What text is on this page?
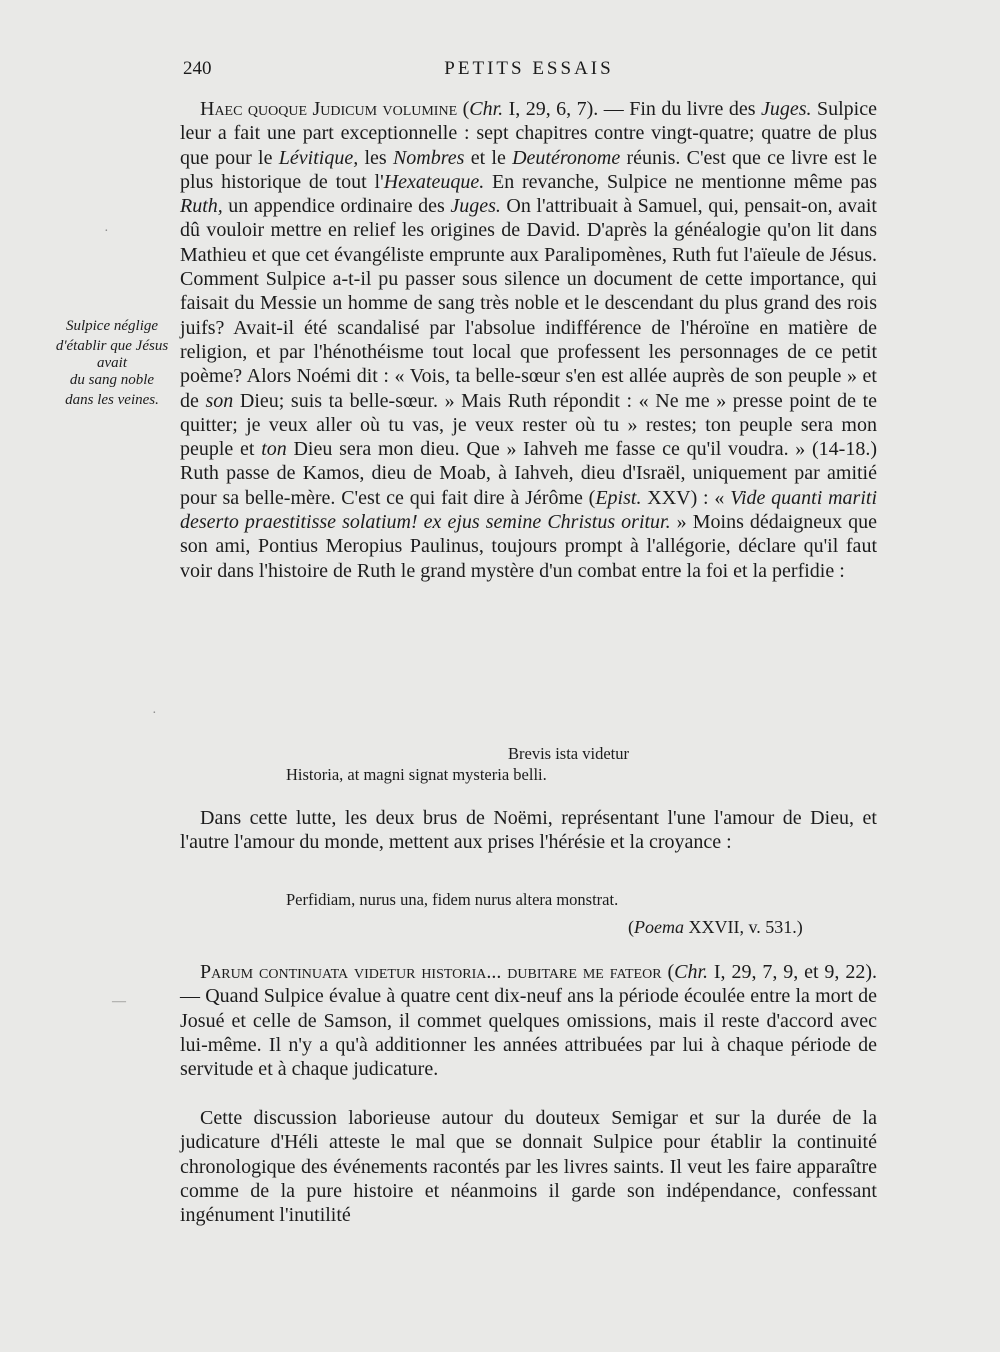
240	PETITS ESSAIS
Sulpice néglige
d'établir que Jésus
avait
du sang noble
dans les veines.
Haec quoque Judicum volumine (Chr. I, 29, 6, 7). — Fin du livre des Juges. Sulpice leur a fait une part exceptionnelle : sept chapitres contre vingt-quatre; quatre de plus que pour le Lévitique, les Nombres et le Deutéronome réunis. C'est que ce livre est le plus historique de tout l'Hexateuque. En revanche, Sulpice ne mentionne même pas Ruth, un appendice ordinaire des Juges. On l'attribuait à Samuel, qui, pensait-on, avait dû vouloir mettre en relief les origines de David. D'après la généalogie qu'on lit dans Mathieu et que cet évangéliste emprunte aux Paralipomènes, Ruth fut l'aïeule de Jésus. Comment Sulpice a-t-il pu passer sous silence un document de cette importance, qui faisait du Messie un homme de sang très noble et le descendant du plus grand des rois juifs? Avait-il été scandalisé par l'absolue indifférence de l'héroïne en matière de religion, et par l'hénothéisme tout local que professent les personnages de ce petit poème? Alors Noémi dit : « Vois, ta belle-sœur s'en est allée auprès de son peuple » et de son Dieu; suis ta belle-sœur. » Mais Ruth répondit : « Ne me » presse point de te quitter; je veux aller où tu vas, je veux rester où tu » restes; ton peuple sera mon peuple et ton Dieu sera mon dieu. Que » Iahveh me fasse ce qu'il voudra. » (14-18.) Ruth passe de Kamos, dieu de Moab, à Iahveh, dieu d'Israël, uniquement par amitié pour sa belle-mère. C'est ce qui fait dire à Jérôme (Epist. XXV) : « Vide quanti mariti deserto praestitisse solatium! ex ejus semine Christus oritur. » Moins dédaigneux que son ami, Pontius Meropius Paulinus, toujours prompt à l'allégorie, déclare qu'il faut voir dans l'histoire de Ruth le grand mystère d'un combat entre la foi et la perfidie :
Brevis ista videtur
Historia, at magni signat mysteria belli.
Dans cette lutte, les deux brus de Noëmi, représentant l'une l'amour de Dieu, et l'autre l'amour du monde, mettent aux prises l'hérésie et la croyance :
Perfidiam, nurus una, fidem nurus altera monstrat.
(Poema XXVII, v. 531.)
Parum continuata videtur historia... dubitare me fateor (Chr. I, 29, 7, 9, et 9, 22). — Quand Sulpice évalue à quatre cent dix-neuf ans la période écoulée entre la mort de Josué et celle de Samson, il commet quelques omissions, mais il reste d'accord avec lui-même. Il n'y a qu'à additionner les années attribuées par lui à chaque période de servitude et à chaque judicature.
Cette discussion laborieuse autour du douteux Semigar et sur la durée de la judicature d'Héli atteste le mal que se donnait Sulpice pour établir la continuité chronologique des événements racontés par les livres saints. Il veut les faire apparaître comme de la pure histoire et néanmoins il garde son indépendance, confessant ingénument l'inutilité
·
·
—
